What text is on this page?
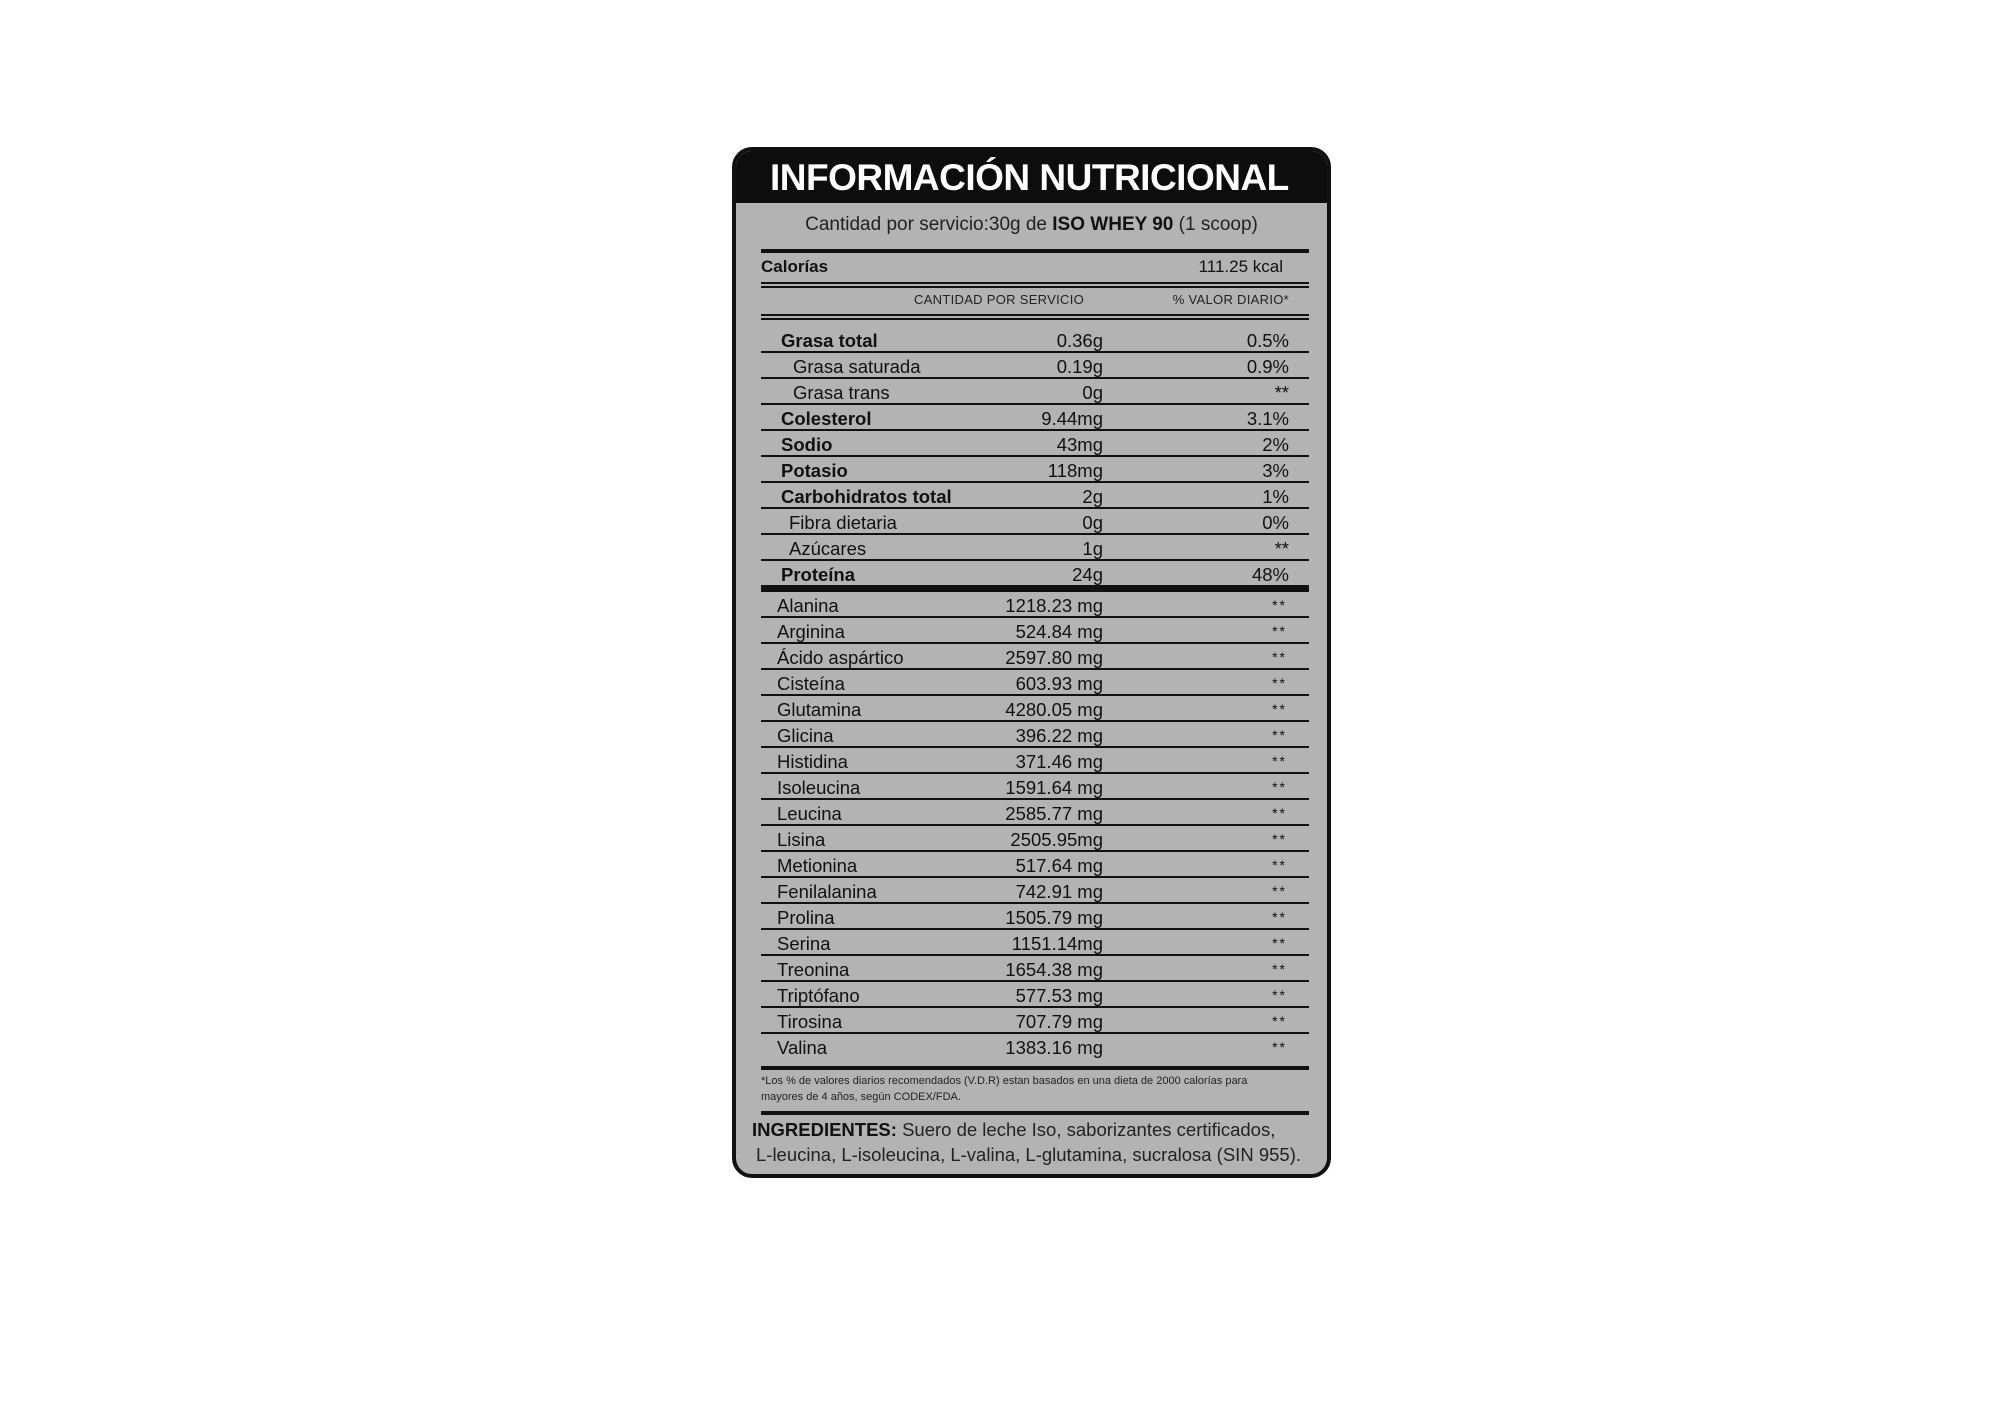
INFORMACIÓN NUTRICIONAL
Cantidad por servicio:30g de ISO WHEY 90 (1 scoop)
Calorías	111.25 kcal
CANTIDAD POR SERVICIO	% VALOR DIARIO*
Grasa total	0.36g	0.5%
Grasa saturada	0.19g	0.9%
Grasa trans	0g	**
Colesterol	9.44mg	3.1%
Sodio	43mg	2%
Potasio	118mg	3%
Carbohidratos total	2g	1%
Fibra dietaria	0g	0%
Azúcares	1g	**
Proteína	24g	48%
Alanina	1218.23 mg	**
Arginina	524.84 mg	**
Ácido aspártico	2597.80 mg	**
Cisteína	603.93 mg	**
Glutamina	4280.05 mg	**
Glicina	396.22 mg	**
Histidina	371.46 mg	**
Isoleucina	1591.64 mg	**
Leucina	2585.77 mg	**
Lisina	2505.95mg	**
Metionina	517.64 mg	**
Fenilalanina	742.91 mg	**
Prolina	1505.79 mg	**
Serina	1151.14mg	**
Treonina	1654.38 mg	**
Triptófano	577.53 mg	**
Tirosina	707.79 mg	**
Valina	1383.16 mg	**
*Los % de valores diarios recomendados (V.D.R) estan basados en una dieta de 2000 calorías para
mayores de 4 años, según CODEX/FDA.
INGREDIENTES: Suero de leche Iso, saborizantes certificados,
L-leucina, L-isoleucina, L-valina, L-glutamina, sucralosa (SIN 955).
